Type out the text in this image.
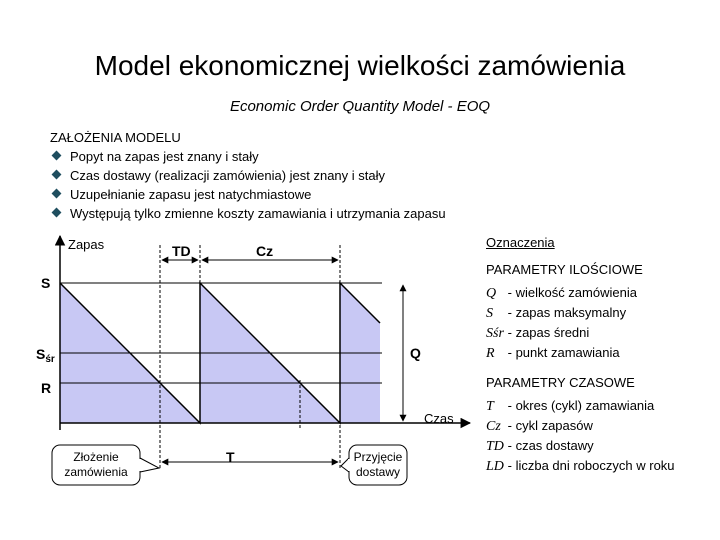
Model ekonomicznej wielkości zamówienia
Economic Order Quantity Model - EOQ
ZAŁOŻENIA MODELU
Popyt na zapas jest znany i stały
Czas dostawy (realizacji zamówienia) jest znany i stały
Uzupełnianie zapasu jest natychmiastowe
Występują tylko zmienne koszty zamawiania i utrzymania zapasu
Zapas
Czas
S
$S_{śr}$
R
Q
TD	Cz
T
Złożenie
zamówienia
Przyjęcie
dostawy
Oznaczenia
PARAMETRY ILOŚCIOWE
Q - wielkość zamówienia
S - zapas maksymalny
Sśr - zapas średni
R - punkt zamawiania
PARAMETRY CZASOWE
T - okres (cykl) zamawiania
Cz - cykl zapasów
TD - czas dostawy
LD - liczba dni roboczych w roku
